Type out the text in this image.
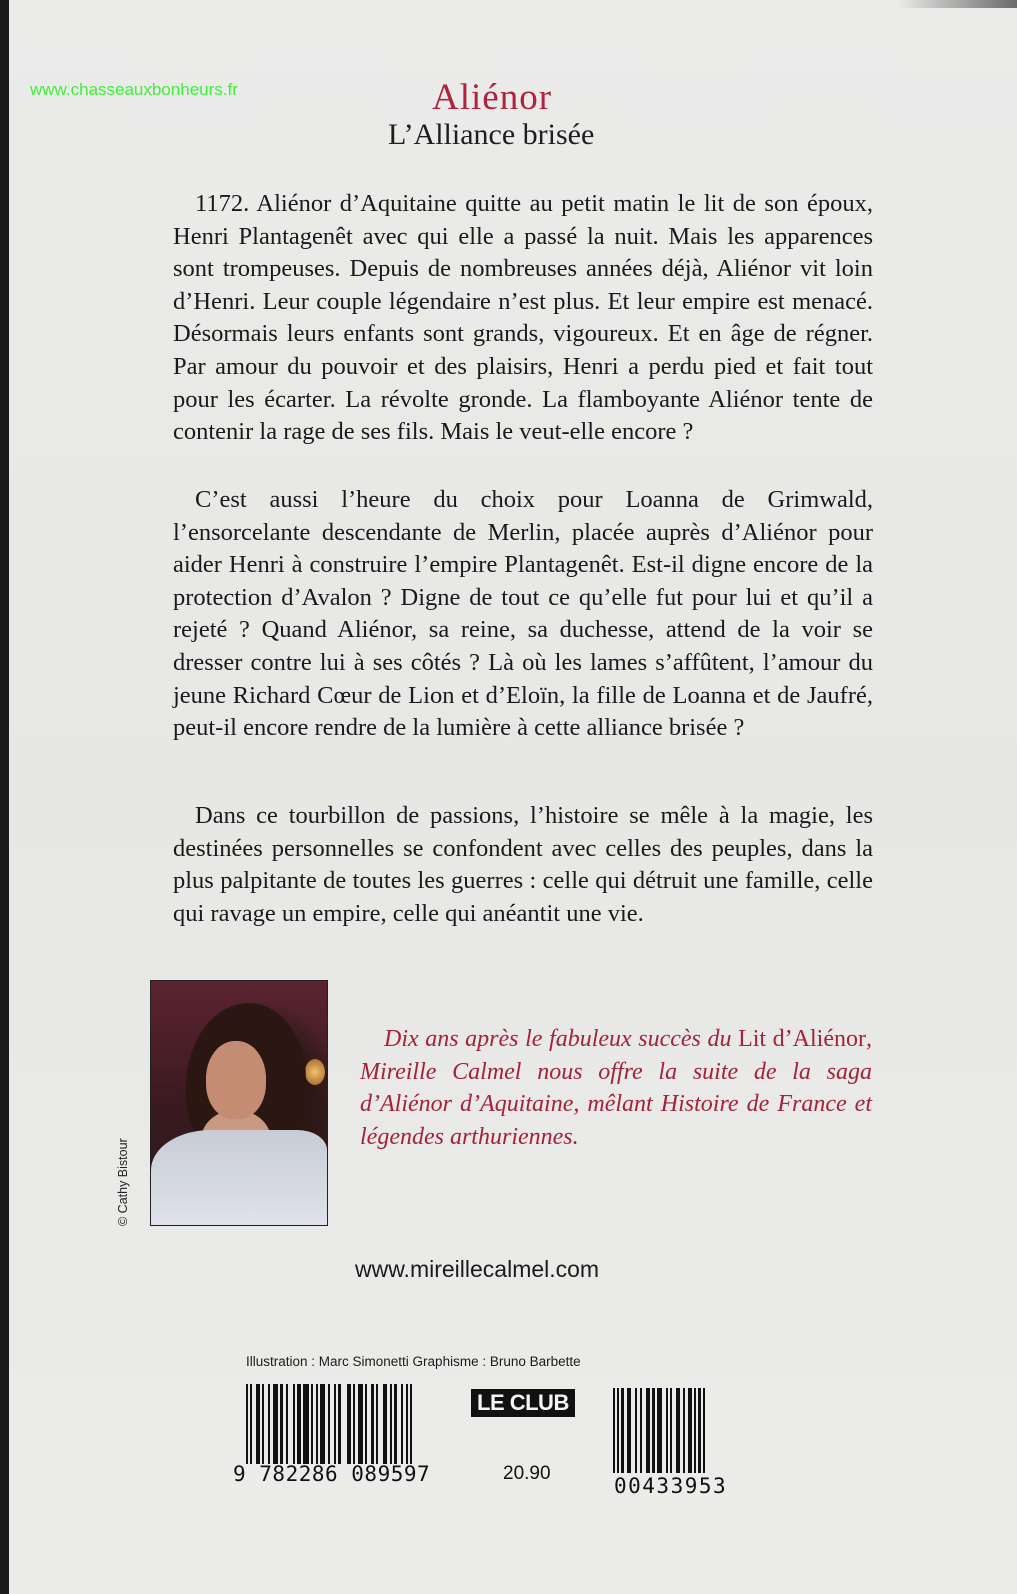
www.chasseauxbonheurs.fr	Aliénor
L’Alliance brisée

1172. Aliénor d’Aquitaine quitte au petit matin le lit de son époux, Henri Plantagenêt avec qui elle a passé la nuit. Mais les apparences sont trompeuses. Depuis de nombreuses années déjà, Aliénor vit loin d’Henri. Leur couple légendaire n’est plus. Et leur empire est menacé. Désormais leurs enfants sont grands, vigoureux. Et en âge de régner. Par amour du pouvoir et des plaisirs, Henri a perdu pied et fait tout pour les écarter. La révolte gronde. La flamboyante Aliénor tente de contenir la rage de ses fils. Mais le veut-elle encore ?

C’est aussi l’heure du choix pour Loanna de Grimwald, l’ensorcelante descendante de Merlin, placée auprès d’Aliénor pour aider Henri à construire l’empire Plantagenêt. Est-il digne encore de la protection d’Avalon ? Digne de tout ce qu’elle fut pour lui et qu’il a rejeté ? Quand Aliénor, sa reine, sa duchesse, attend de la voir se dresser contre lui à ses côtés ? Là où les lames s’affûtent, l’amour du jeune Richard Cœur de Lion et d’Eloïn, la fille de Loanna et de Jaufré, peut-il encore rendre de la lumière à cette alliance brisée ?

Dans ce tourbillon de passions, l’histoire se mêle à la magie, les destinées personnelles se confondent avec celles des peuples, dans la plus palpitante de toutes les guerres : celle qui détruit une famille, celle qui ravage un empire, celle qui anéantit une vie.

© Cathy Bistour

Dix ans après le fabuleux succès du Lit d’Aliénor, Mireille Calmel nous offre la suite de la saga d’Aliénor d’Aquitaine, mêlant Histoire de France et légendes arthuriennes.

www.mireillecalmel.com
Illustration : Marc Simonetti Graphisme : Bruno Barbette
9 782286 089597
LE CLUB
20.90
00433953
